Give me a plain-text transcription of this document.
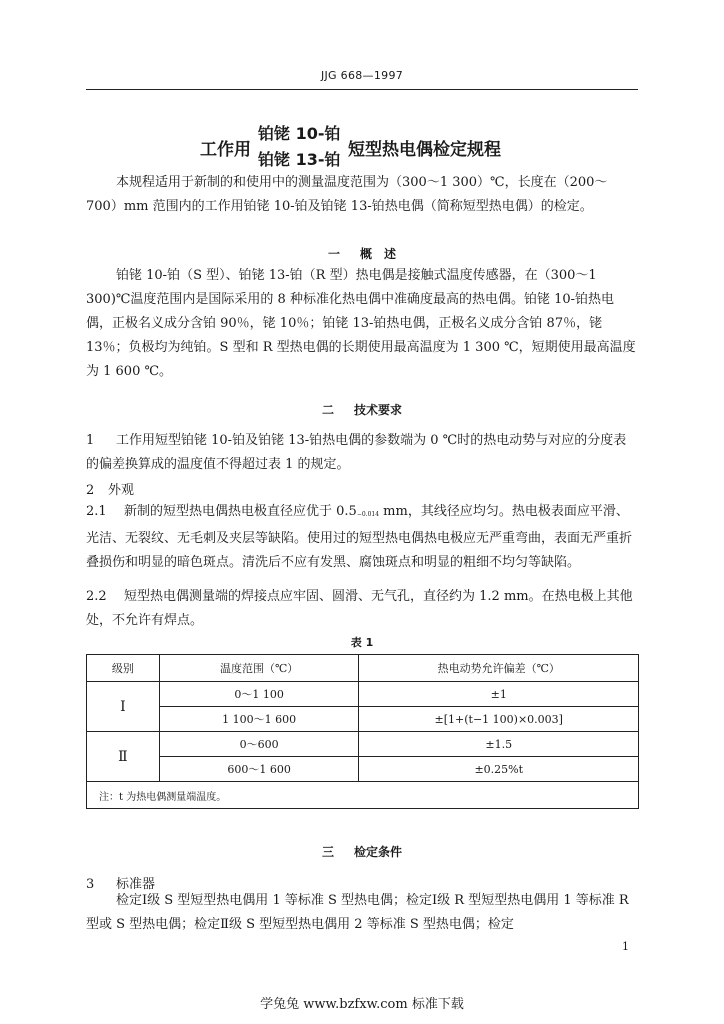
JJG 668—1997
工作用
铂铑 10-铂
铂铑 13-铂 短型热电偶检定规程

本规程适用于新制的和使用中的测量温度范围为（300～1 300）℃，长度在（200～700）mm 范围内的工作用铂铑 10-铂及铂铑 13-铂热电偶（简称短型热电偶）的检定。

一 概　述

铂铑 10-铂（S 型）、铂铑 13-铂（R 型）热电偶是接触式温度传感器，在（300～1 300)℃温度范围内是国际采用的 8 种标准化热电偶中准确度最高的热电偶。铂铑 10-铂热电偶，正极名义成分含铂 90％，铑 10％；铂铑 13-铂热电偶，正极名义成分含铂 87％，铑 13％；负极均为纯铂。S 型和 R 型热电偶的长期使用最高温度为 1 300 ℃，短期使用最高温度为 1 600 ℃。

二 技术要求

1 工作用短型铂铑 10-铂及铂铑 13-铂热电偶的参数端为 0 ℃时的热电动势与对应的分度表的偏差换算成的温度值不得超过表 1 的规定。

2 外观

2.1 新制的短型热电偶热电极直径应优于 $0.5_{-0.014}$ mm，其线径应均匀。热电极表面应平滑、光洁、无裂纹、无毛刺及夹层等缺陷。使用过的短型热电偶热电极应无严重弯曲，表面无严重折叠损伤和明显的暗色斑点。清洗后不应有发黑、腐蚀斑点和明显的粗细不均匀等缺陷。

2.2 短型热电偶测量端的焊接点应牢固、圆滑、无气孔，直径约为 1.2 mm。在热电极上其他处，不允许有焊点。

表 1
级别	温度范围（℃）	热电动势允许偏差（℃）
Ⅰ	0～1 100	±1
	1 100～1 600	±[1+(t−1 100)×0.003]
Ⅱ	0～600	±1.5
	600～1 600	±0.25%t
注：t 为热电偶测量端温度。		
三 检定条件
3 标准器

检定Ⅰ级 S 型短型热电偶用 1 等标准 S 型热电偶；检定Ⅰ级 R 型短型热电偶用 1 等标准 R 型或 S 型热电偶；检定Ⅱ级 S 型短型热电偶用 2 等标准 S 型热电偶；检定

1
学兔兔 www.bzfxw.com 标准下载
